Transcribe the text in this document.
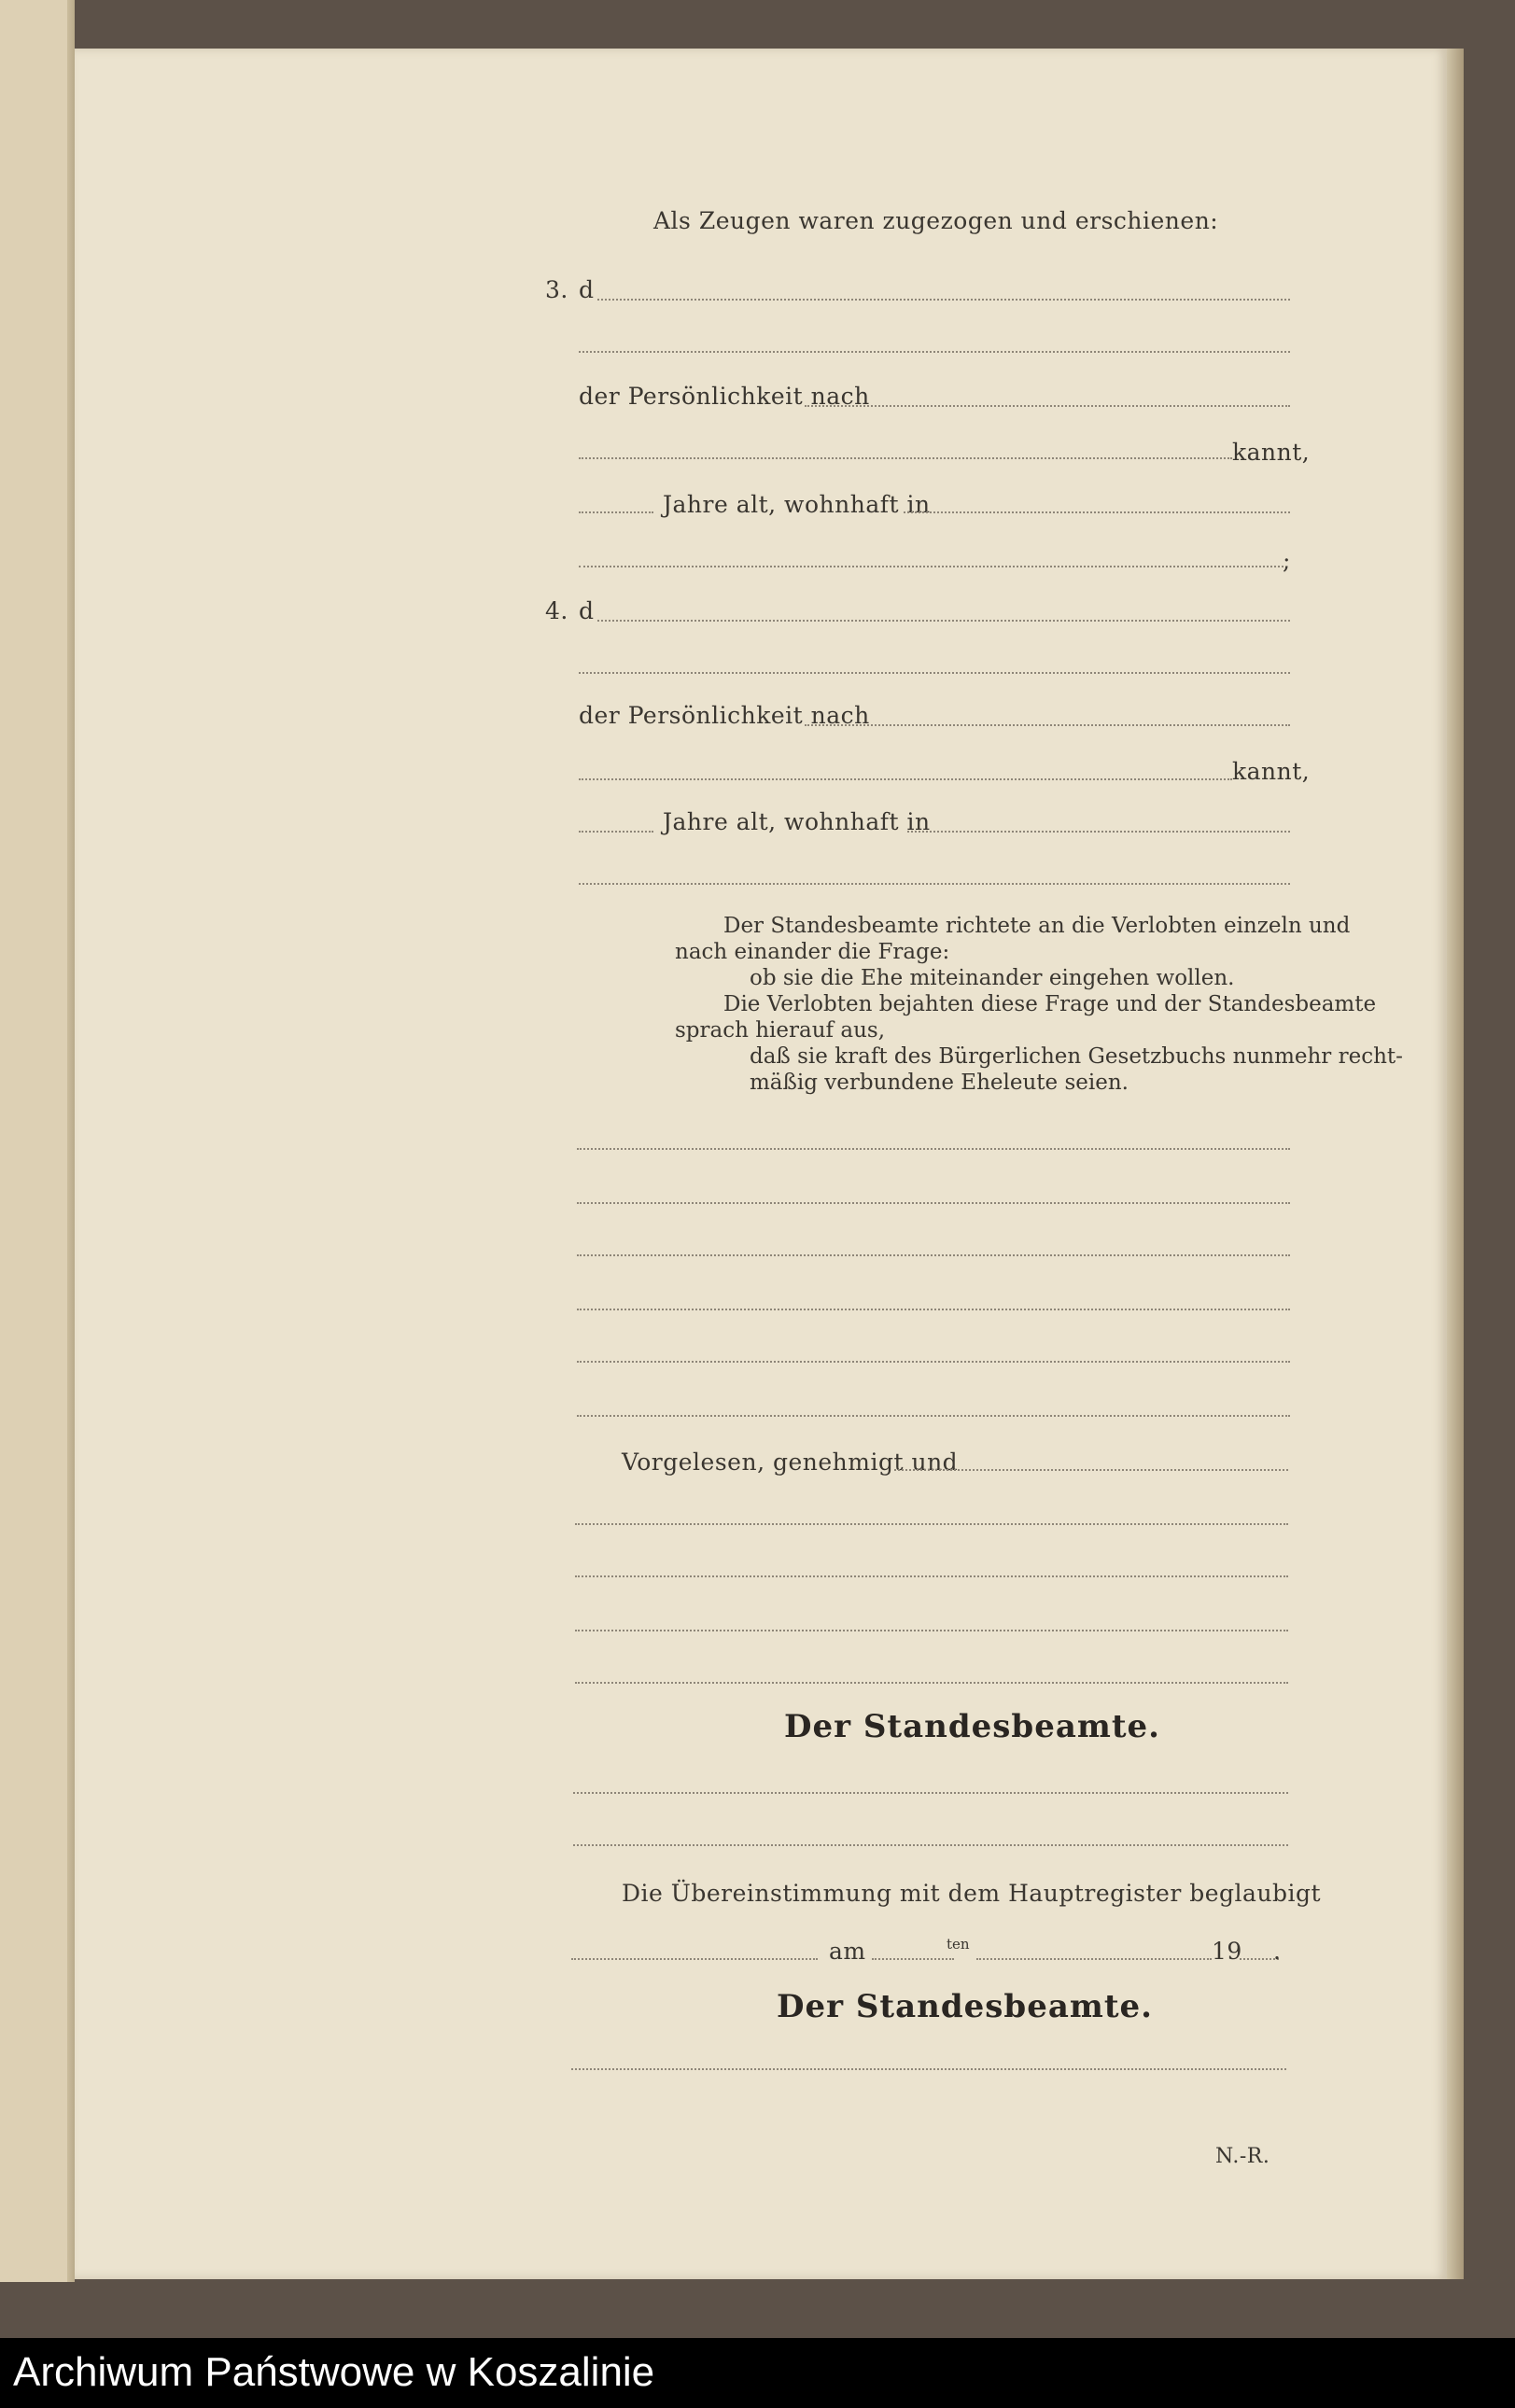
Als Zeugen waren zugezogen und erschienen:
3. d
der Persönlichkeit nach
kannt,
Jahre alt, wohnhaft in
;
4. d
der Persönlichkeit nach
kannt,
Jahre alt, wohnhaft in
Der Standesbeamte richtete an die Verlobten einzeln und
nach einander die Frage:
ob sie die Ehe miteinander eingehen wollen.
Die Verlobten bejahten diese Frage und der Standesbeamte
sprach hierauf aus,
daß sie kraft des Bürgerlichen Gesetzbuchs nunmehr recht-
mäßig verbundene Eheleute seien.
Vorgelesen, genehmigt und
Der Standesbeamte.
Die Übereinstimmung mit dem Hauptregister beglaubigt
am	ten	19 .
Der Standesbeamte.
N.-R.
Archiwum Państwowe w Koszalinie
